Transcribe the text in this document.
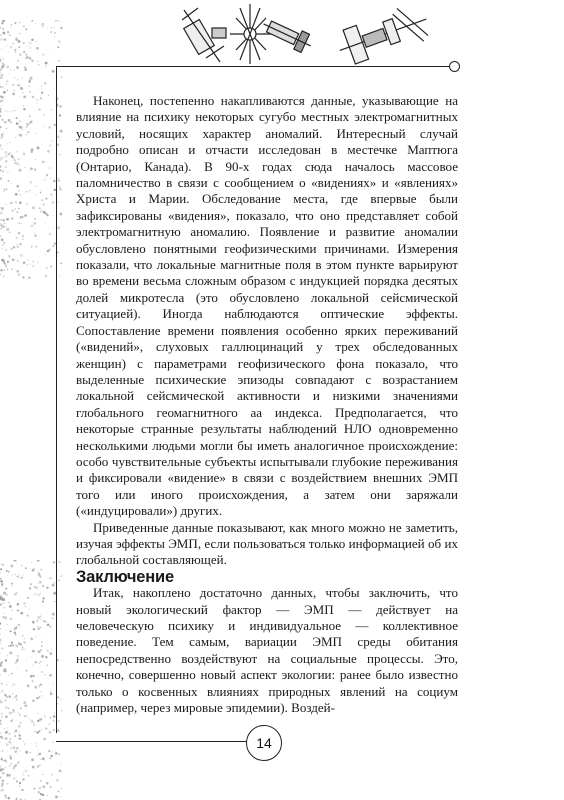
Наконец, постепенно накапливаются данные, указывающие на влияние на психику некоторых сугубо местных электромагнитных условий, носящих характер аномалий. Интересный случай подробно описан и отчасти исследован в местечке Маптюга (Онтарио, Канада). В 90-х годах сюда началось массовое паломничество в связи с сообщением о «видениях» и «явлениях» Христа и Марии. Обследование места, где впервые были зафиксированы «видения», показало, что оно представляет собой электромагнитную аномалию. Появление и развитие аномалии обусловлено понятными геофизическими причинами. Измерения показали, что локальные магнитные поля в этом пункте варьируют во времени весьма сложным образом с индукцией порядка десятых долей микротесла (это обусловлено локальной сейсмической ситуацией). Иногда наблюдаются оптические эффекты. Сопоставление времени появления особенно ярких переживаний («видений», слуховых галлюцинаций у трех обследованных женщин) с параметрами геофизического фона показало, что выделенные психические эпизоды совпадают с возрастанием локальной сейсмической активности и низкими значениями глобального геомагнитного аа индекса. Предполагается, что некоторые странные результаты наблюдений НЛО одновременно несколькими людьми могли бы иметь аналогичное происхождение: особо чувствительные субъекты испытывали глубокие переживания и фиксировали «видение» в связи с воздействием внешних ЭМП того или иного происхождения, а затем они заряжали («индуцировали») других.

Приведенные данные показывают, как много можно не заметить, изучая эффекты ЭМП, если пользоваться только информацией об их глобальной составляющей.

Заключение

Итак, накоплено достаточно данных, чтобы заключить, что новый экологический фактор — ЭМП — действует на человеческую психику и индивидуальное — коллективное поведение. Тем самым, вариации ЭМП среды обитания непосредственно воздействуют на социальные процессы. Это, конечно, совершенно новый аспект экологии: ранее было известно только о косвенных влияниях природных явлений на социум (например, через мировые эпидемии). Воздей-

14
